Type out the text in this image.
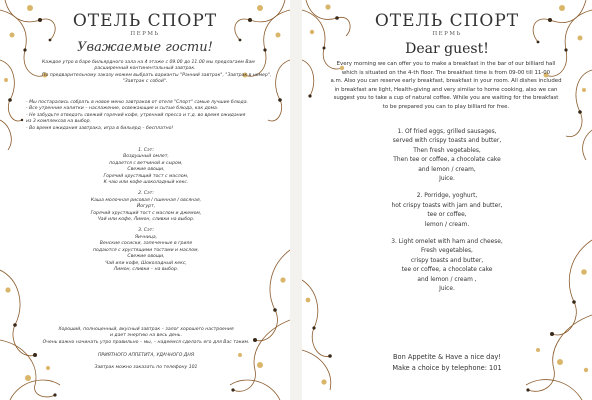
ОТЕЛЬ СПОРТ
ПЕРМЬ
Уважаемые гости!
Каждое утро в баре бильярдного зала на 4 этаже с 09.00 до 11.00 мы предлагаем Вам
расширенный континентальный завтрак.
По предварительному заказу можем выбрать варианты "Ранний завтрак", "Завтрак в номер",
"Завтрак с собой".
- Мы постарались собрать в новое меню завтраков от отеля "Спорт" самые лучшие блюда.
- Все утренние напитки – наслажение, освежающие и сытые блюда, как дома.
- Не забудьте отведать свежий горячий кофе, утренний пресса и т.д. во время ожидания
из 3 комплексов на выбор.
- Во время ожидания завтрака, игра в бильярд – бесплатно!
1. Сэт:
Воздушный омлет,
подается с ветчиной и сыром,
Свежие овощи,
Горячий хрустящий тост с маслом,
К чаю или кофе шоколадный кекс.
2. Сэт:
Каша молочная рисовая / пшенная / овсяная,
Йогурт,
Горячий хрустящий тост с маслом и джемом,
Чай или кофе, Лимон, сливки на выбор.
3. Сэт:
Яичница,
Венские сосиски, запеченные в гриле
подаются с хрустящими тостами и маслом,
Свежие овощи,
Чай или кофе, Шоколадный кекс,
Лимон, сливки – на выбор.
Хороший, полноценный, вкусный завтрак – залог хорошего настроения
и дает энергию на весь день.
Очень важно начинать утро правильно – мы, – надеемся сделать его для Вас таким.

ПРИЯТНОГО АППЕТИТА, УДАЧНОГО ДНЯ

Завтрак можно заказать по телефону 101
ОТЕЛЬ СПОРТ
ПЕРМЬ
Dear guest!
Every morning we can offer you to make a breakfast in the bar of our billiard hall
which is situated on the 4-th floor. The breakfast time is from 09-00 till 11-00
a.m. Also you can reserve early breakfast, breakfast in your room. All dishes included
in breakfast are light, Health-giving and very similar to home cooking, also we can
suggest you to take a cup of natural coffee. While you are waiting for the breakfast
to be prepared you can to play billiard for free.
1. Of fried eggs, grilled sausages,
served with crispy toasts and butter,
Then fresh vegetables,
Then tee or coffee, a chocolate cake
and lemon / cream,
Juice.
2. Porridge, yoghurt,
hot crispy toasts with jam and butter,
tee or coffee,
lemon / cream.
3. Light omelet with ham and cheese,
Fresh vegetables,
crispy toasts and butter,
tee or coffee, a chocolate cake
and lemon / cream ,
Juice.
Bon Appetite & Have a nice day!
Make a choice by telephone: 101
